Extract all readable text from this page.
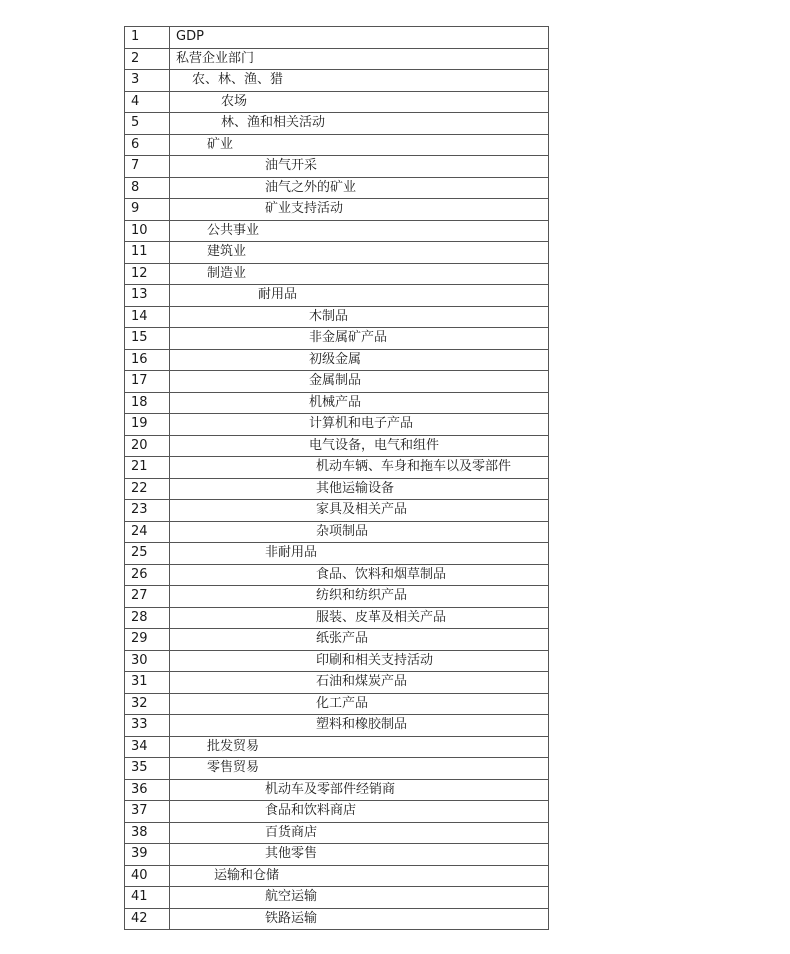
1	GDP
2	私营企业部门
3	农、林、渔、猎
4	农场
5	林、渔和相关活动
6	矿业
7	油气开采
8	油气之外的矿业
9	矿业支持活动
10	公共事业
11	建筑业
12	制造业
13	耐用品
14	木制品
15	非金属矿产品
16	初级金属
17	金属制品
18	机械产品
19	计算机和电子产品
20	电气设备，电气和组件
21	机动车辆、车身和拖车以及零部件
22	其他运输设备
23	家具及相关产品
24	杂项制品
25	非耐用品
26	食品、饮料和烟草制品
27	纺织和纺织产品
28	服装、皮革及相关产品
29	纸张产品
30	印刷和相关支持活动
31	石油和煤炭产品
32	化工产品
33	塑料和橡胶制品
34	批发贸易
35	零售贸易
36	机动车及零部件经销商
37	食品和饮料商店
38	百货商店
39	其他零售
40	运输和仓储
41	航空运输
42	铁路运输
